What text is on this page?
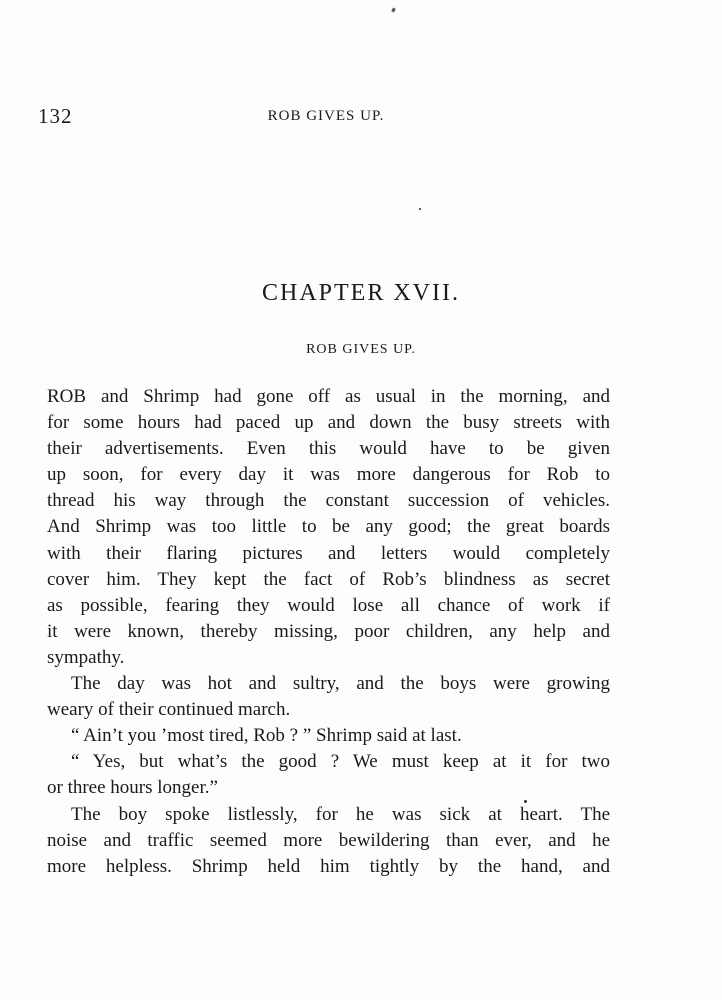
132	ROB GIVES UP.
CHAPTER XVII.
ROB GIVES UP.
ROB and Shrimp had gone off as usual in the morning, and
for some hours had paced up and down the busy streets with
their advertisements. Even this would have to be given
up soon, for every day it was more dangerous for Rob to
thread his way through the constant succession of vehicles.
And Shrimp was too little to be any good; the great boards
with their flaring pictures and letters would completely
cover him. They kept the fact of Rob’s blindness as secret
as possible, fearing they would lose all chance of work if
it were known, thereby missing, poor children, any help and
sympathy.
The day was hot and sultry, and the boys were growing
weary of their continued march.
“ Ain’t you ’most tired, Rob ? ” Shrimp said at last.
“ Yes, but what’s the good ? We must keep at it for two
or three hours longer.”
The boy spoke listlessly, for he was sick at heart. The
noise and traffic seemed more bewildering than ever, and he
more helpless. Shrimp held him tightly by the hand, and
